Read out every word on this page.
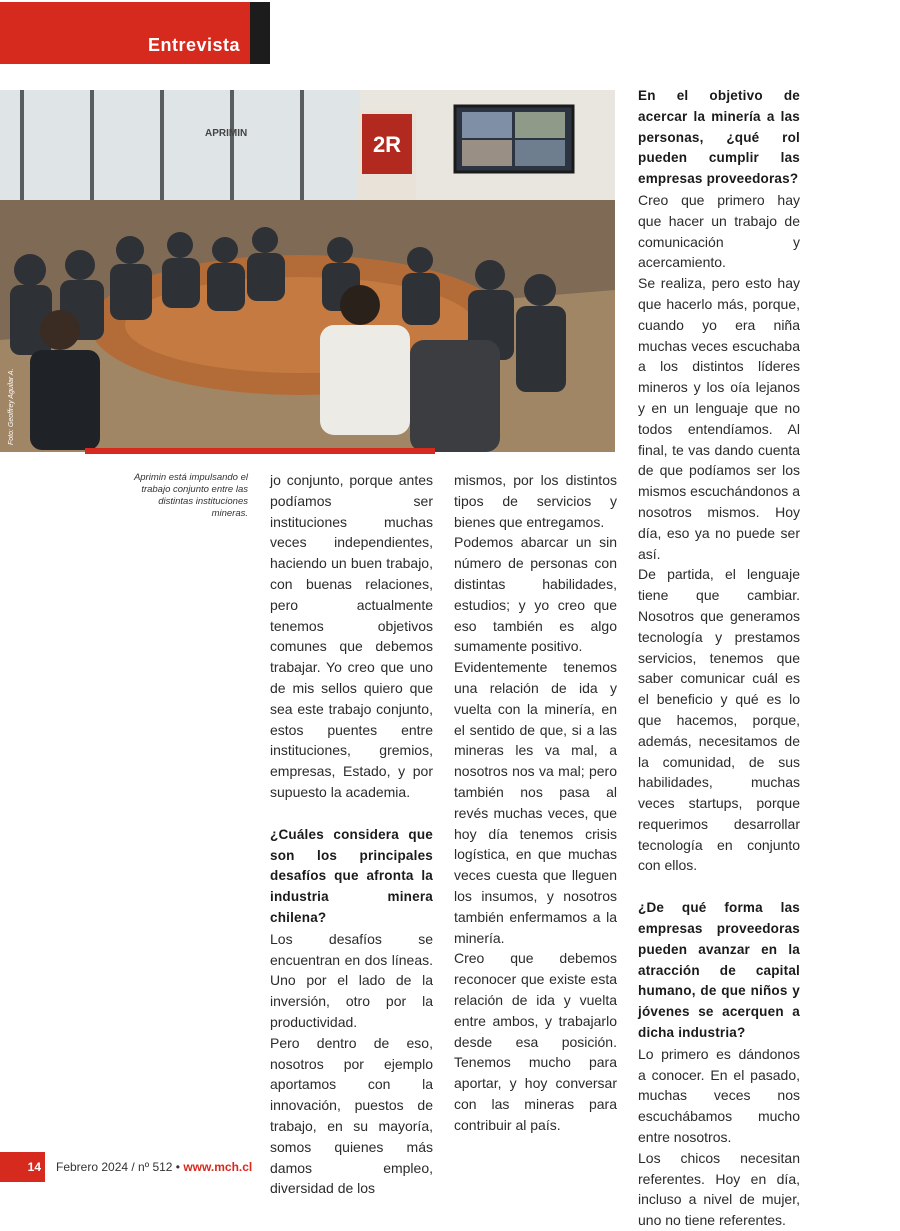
Entrevista
2R
APRIMIN
Foto: Geoffrey Aguilar A.
Aprimin está impulsando el trabajo conjunto entre las distintas instituciones mineras.

jo conjunto, porque antes podíamos ser instituciones muchas veces independientes, haciendo un buen trabajo, con buenas relaciones, pero actualmente tenemos objetivos comunes que debemos trabajar. Yo creo que uno de mis sellos quiero que sea este trabajo conjunto, estos puentes entre instituciones, gremios, empresas, Estado, y por supuesto la academia.

¿Cuáles considera que son los principales desafíos que afronta la industria minera chilena?

Los desafíos se encuentran en dos líneas. Uno por el lado de la inversión, otro por la productividad.

Pero dentro de eso, nosotros por ejemplo aportamos con la innovación, puestos de trabajo, en su mayoría, somos quienes más damos empleo, diversidad de los

mismos, por los distintos tipos de servicios y bienes que entregamos.

Podemos abarcar un sin número de personas con distintas habilidades, estudios; y yo creo que eso también es algo sumamente positivo.

Evidentemente tenemos una relación de ida y vuelta con la minería, en el sentido de que, si a las mineras les va mal, a nosotros nos va mal; pero también nos pasa al revés muchas veces, que hoy día tenemos crisis logística, en que muchas veces cuesta que lleguen los insumos, y nosotros también enfermamos a la minería.

Creo que debemos reconocer que existe esta relación de ida y vuelta entre ambos, y trabajarlo desde esa posición. Tenemos mucho para aportar, y hoy conversar con las mineras para contribuir al país.

En el objetivo de acercar la minería a las personas, ¿qué rol pueden cumplir las empresas proveedoras?

Creo que primero hay que hacer un trabajo de comunicación y acercamiento.

Se realiza, pero esto hay que hacerlo más, porque, cuando yo era niña muchas veces escuchaba a los distintos líderes mineros y los oía lejanos y en un lenguaje que no todos entendíamos. Al final, te vas dando cuenta de que podíamos ser los mismos escuchándonos a nosotros mismos. Hoy día, eso ya no puede ser así.

De partida, el lenguaje tiene que cambiar. Nosotros que generamos tecnología y prestamos servicios, tenemos que saber comunicar cuál es el beneficio y qué es lo que hacemos, porque, además, necesitamos de la comunidad, de sus habilidades, muchas veces startups, porque requerimos desarrollar tecnología en conjunto con ellos.

¿De qué forma las empresas proveedoras pueden avanzar en la atracción de capital humano, de que niños y jóvenes se acerquen a dicha industria?

Lo primero es dándonos a conocer. En el pasado, muchas veces nos escuchábamos mucho entre nosotros.

Los chicos necesitan referentes. Hoy en día, incluso a nivel de mujer, uno no tiene referentes.

14	Febrero 2024 / nº 512 • www.mch.cl
